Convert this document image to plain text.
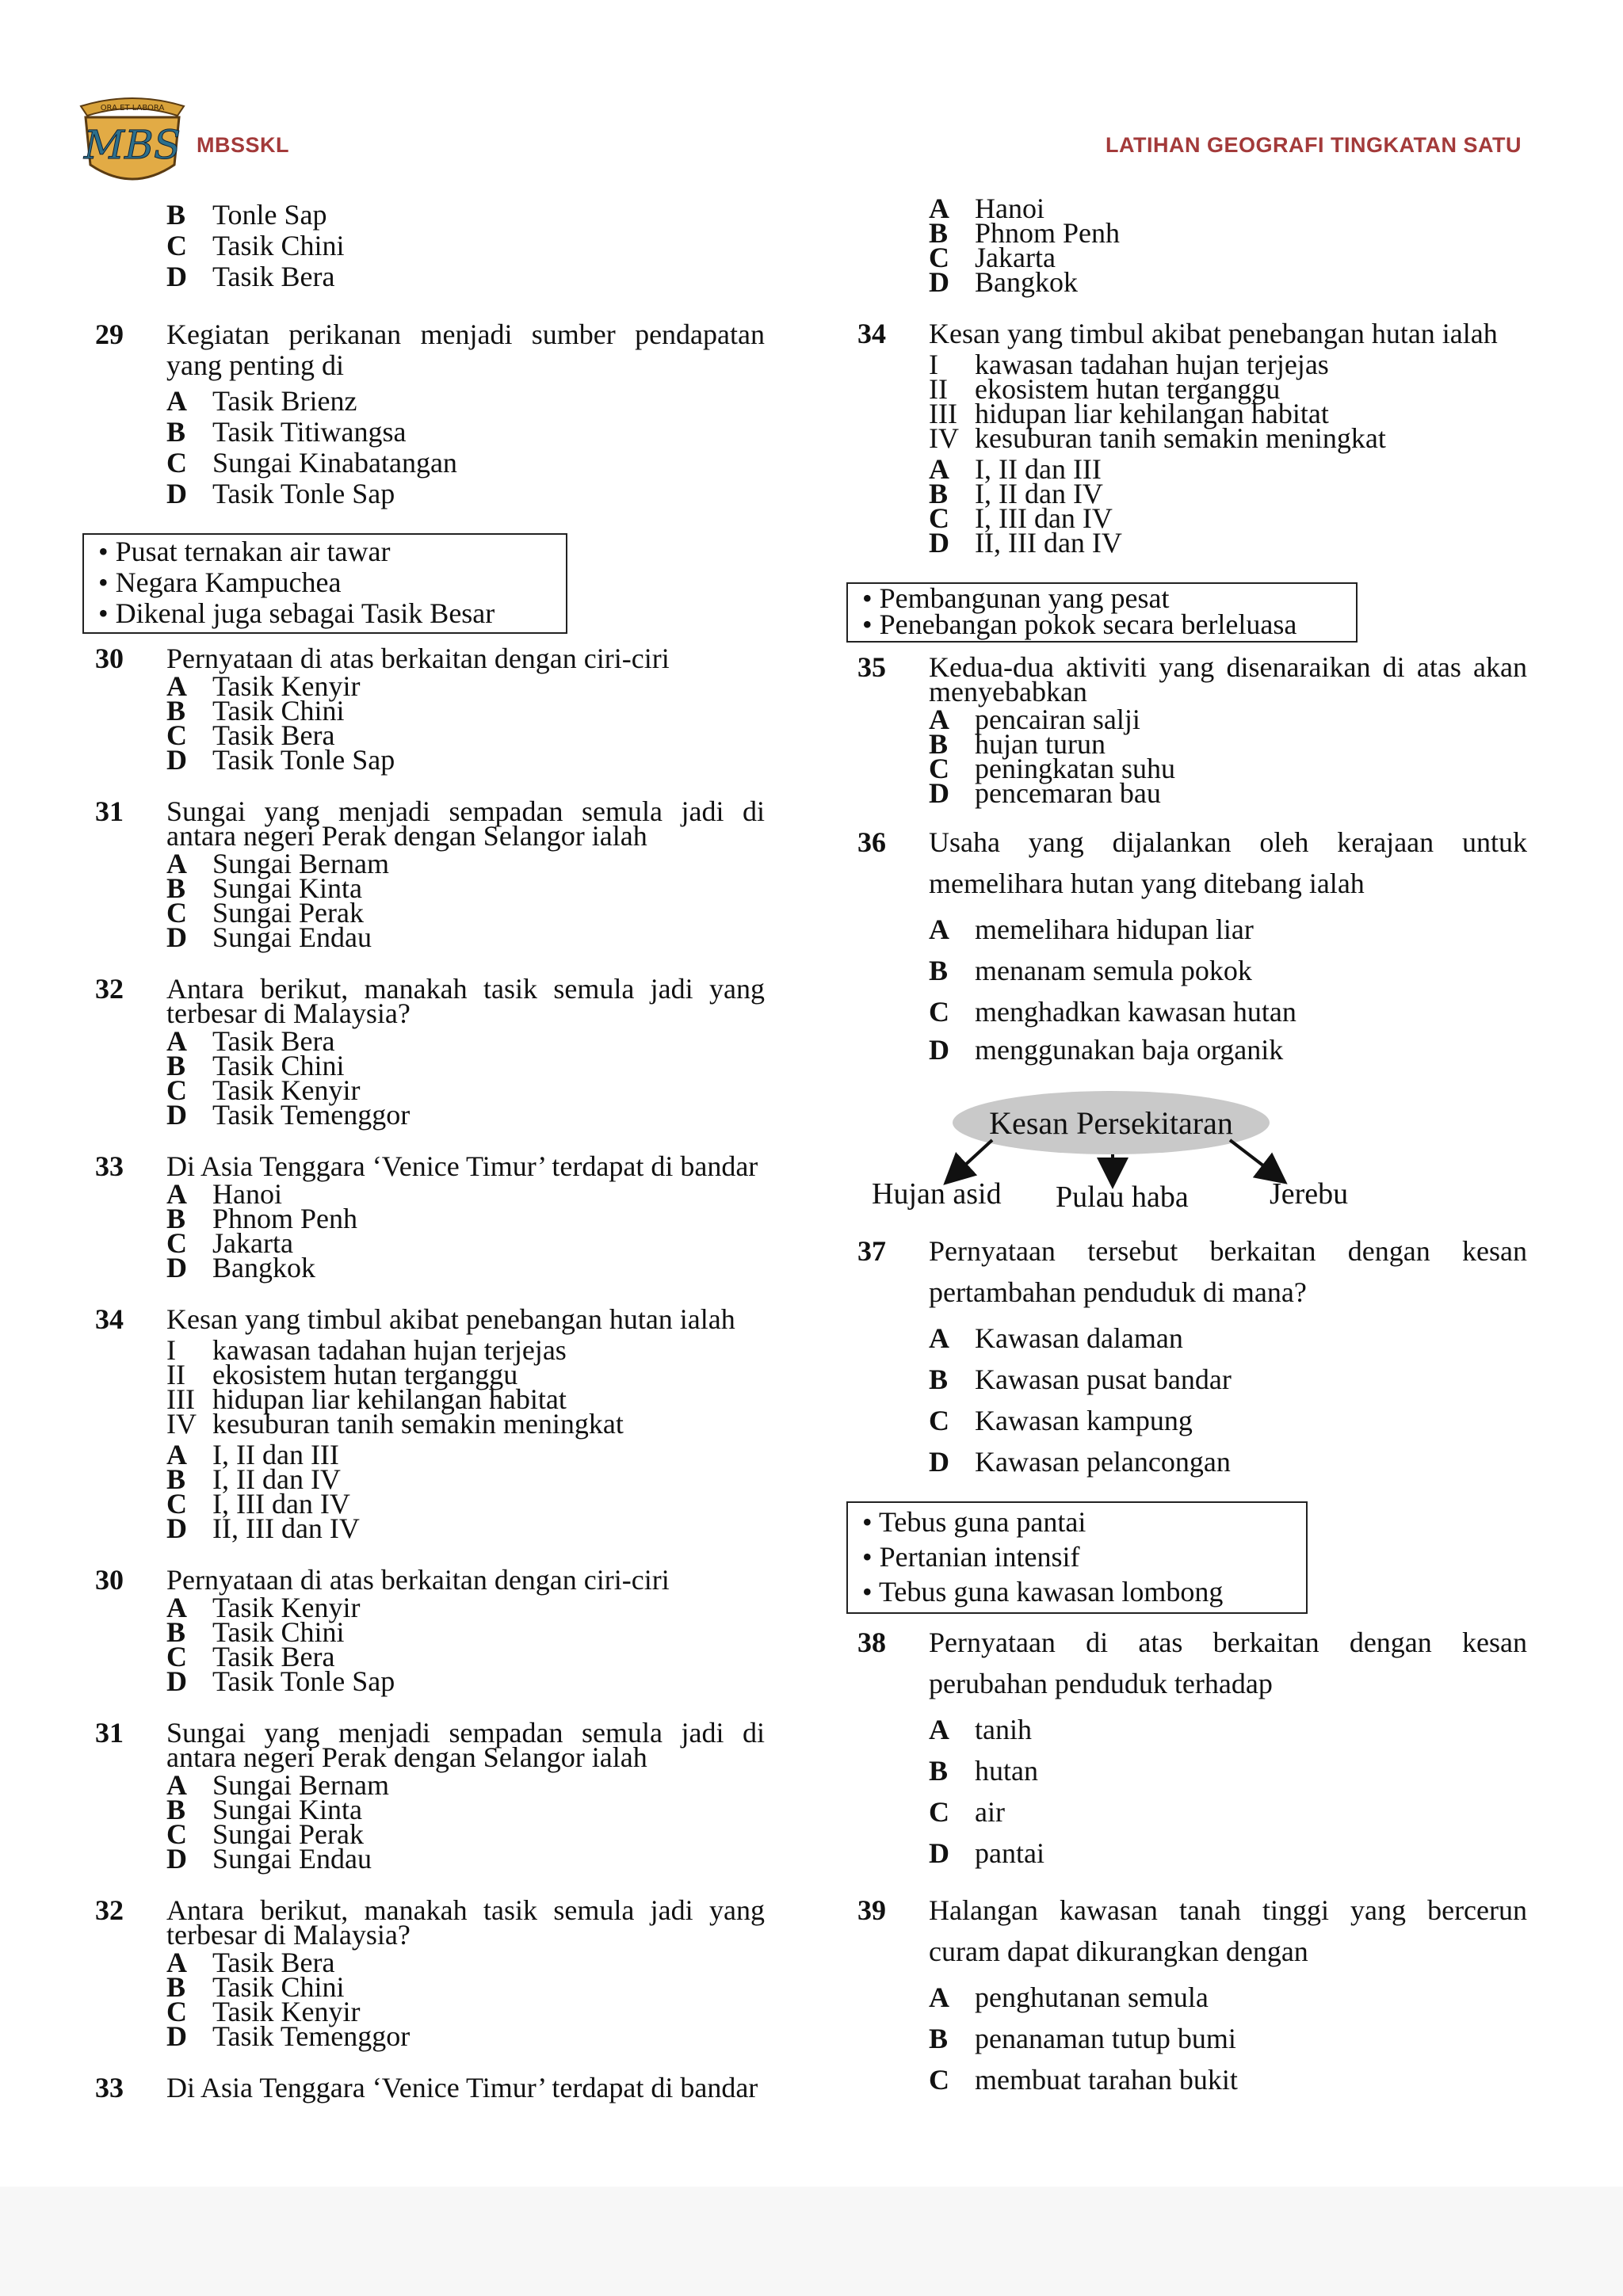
ORA ET LABORA
MBS MBSSKL	LATIHAN GEOGRAFI TINGKATAN SATU
B Tonle Sap
C Tasik Chini
D Tasik Bera
29	Kegiatan perikanan menjadi sumber pendapatan yang penting di
A Tasik Brienz
B Tasik Titiwangsa
C Sungai Kinabatangan
D Tasik Tonle Sap
• Pusat ternakan air tawar
• Negara Kampuchea
• Dikenal juga sebagai Tasik Besar
30	Pernyataan di atas berkaitan dengan ciri-ciri
A Tasik Kenyir
B Tasik Chini
C Tasik Bera
D Tasik Tonle Sap
31	Sungai yang menjadi sempadan semula jadi di antara negeri Perak dengan Selangor ialah
A Sungai Bernam
B Sungai Kinta
C Sungai Perak
D Sungai Endau
32	Antara berikut, manakah tasik semula jadi yang terbesar di Malaysia?
A Tasik Bera
B Tasik Chini
C Tasik Kenyir
D Tasik Temenggor
33	Di Asia Tenggara ‘Venice Timur’ terdapat di bandar
A Hanoi
B Phnom Penh
C Jakarta
D Bangkok
34	Kesan yang timbul akibat penebangan hutan ialah
I	kawasan tadahan hujan terjejas
II ekosistem hutan terganggu
III hidupan liar kehilangan habitat
IV kesuburan tanih semakin meningkat
A I, II dan III
B I, II dan IV
C I, III dan IV
D II, III dan IV
30	Pernyataan di atas berkaitan dengan ciri-ciri
A Tasik Kenyir
B Tasik Chini
C Tasik Bera
D Tasik Tonle Sap
31	Sungai yang menjadi sempadan semula jadi di antara negeri Perak dengan Selangor ialah
A Sungai Bernam
B Sungai Kinta
C Sungai Perak
D Sungai Endau
32	Antara berikut, manakah tasik semula jadi yang terbesar di Malaysia?
A Tasik Bera
B Tasik Chini
C Tasik Kenyir
D Tasik Temenggor
33	Di Asia Tenggara ‘Venice Timur’ terdapat di bandar
A Hanoi
B Phnom Penh
C Jakarta
D Bangkok
34	Kesan yang timbul akibat penebangan hutan ialah
I	kawasan tadahan hujan terjejas
II ekosistem hutan terganggu
III hidupan liar kehilangan habitat
IV kesuburan tanih semakin meningkat
A I, II dan III
B I, II dan IV
C I, III dan IV
D II, III dan IV
• Pembangunan yang pesat
• Penebangan pokok secara berleluasa
35	Kedua-dua aktiviti yang disenaraikan di atas akan menyebabkan
A pencairan salji
B hujan turun
C peningkatan suhu
D pencemaran bau
36	Usaha yang dijalankan oleh kerajaan untuk memelihara hutan yang ditebang ialah
A memelihara hidupan liar
B menanam semula pokok
C menghadkan kawasan hutan
D menggunakan baja organik
Kesan Persekitaran
Hujan asid Pulau haba	Jerebu
37	Pernyataan tersebut berkaitan dengan kesan pertambahan penduduk di mana?
A Kawasan dalaman
B Kawasan pusat bandar
C Kawasan kampung
D Kawasan pelancongan
• Tebus guna pantai
• Pertanian intensif
• Tebus guna kawasan lombong
38	Pernyataan di atas berkaitan dengan kesan perubahan penduduk terhadap
A tanih
B hutan
C air
D pantai
39	Halangan kawasan tanah tinggi yang bercerun curam dapat dikurangkan dengan
A penghutanan semula
B penanaman tutup bumi
C membuat tarahan bukit
